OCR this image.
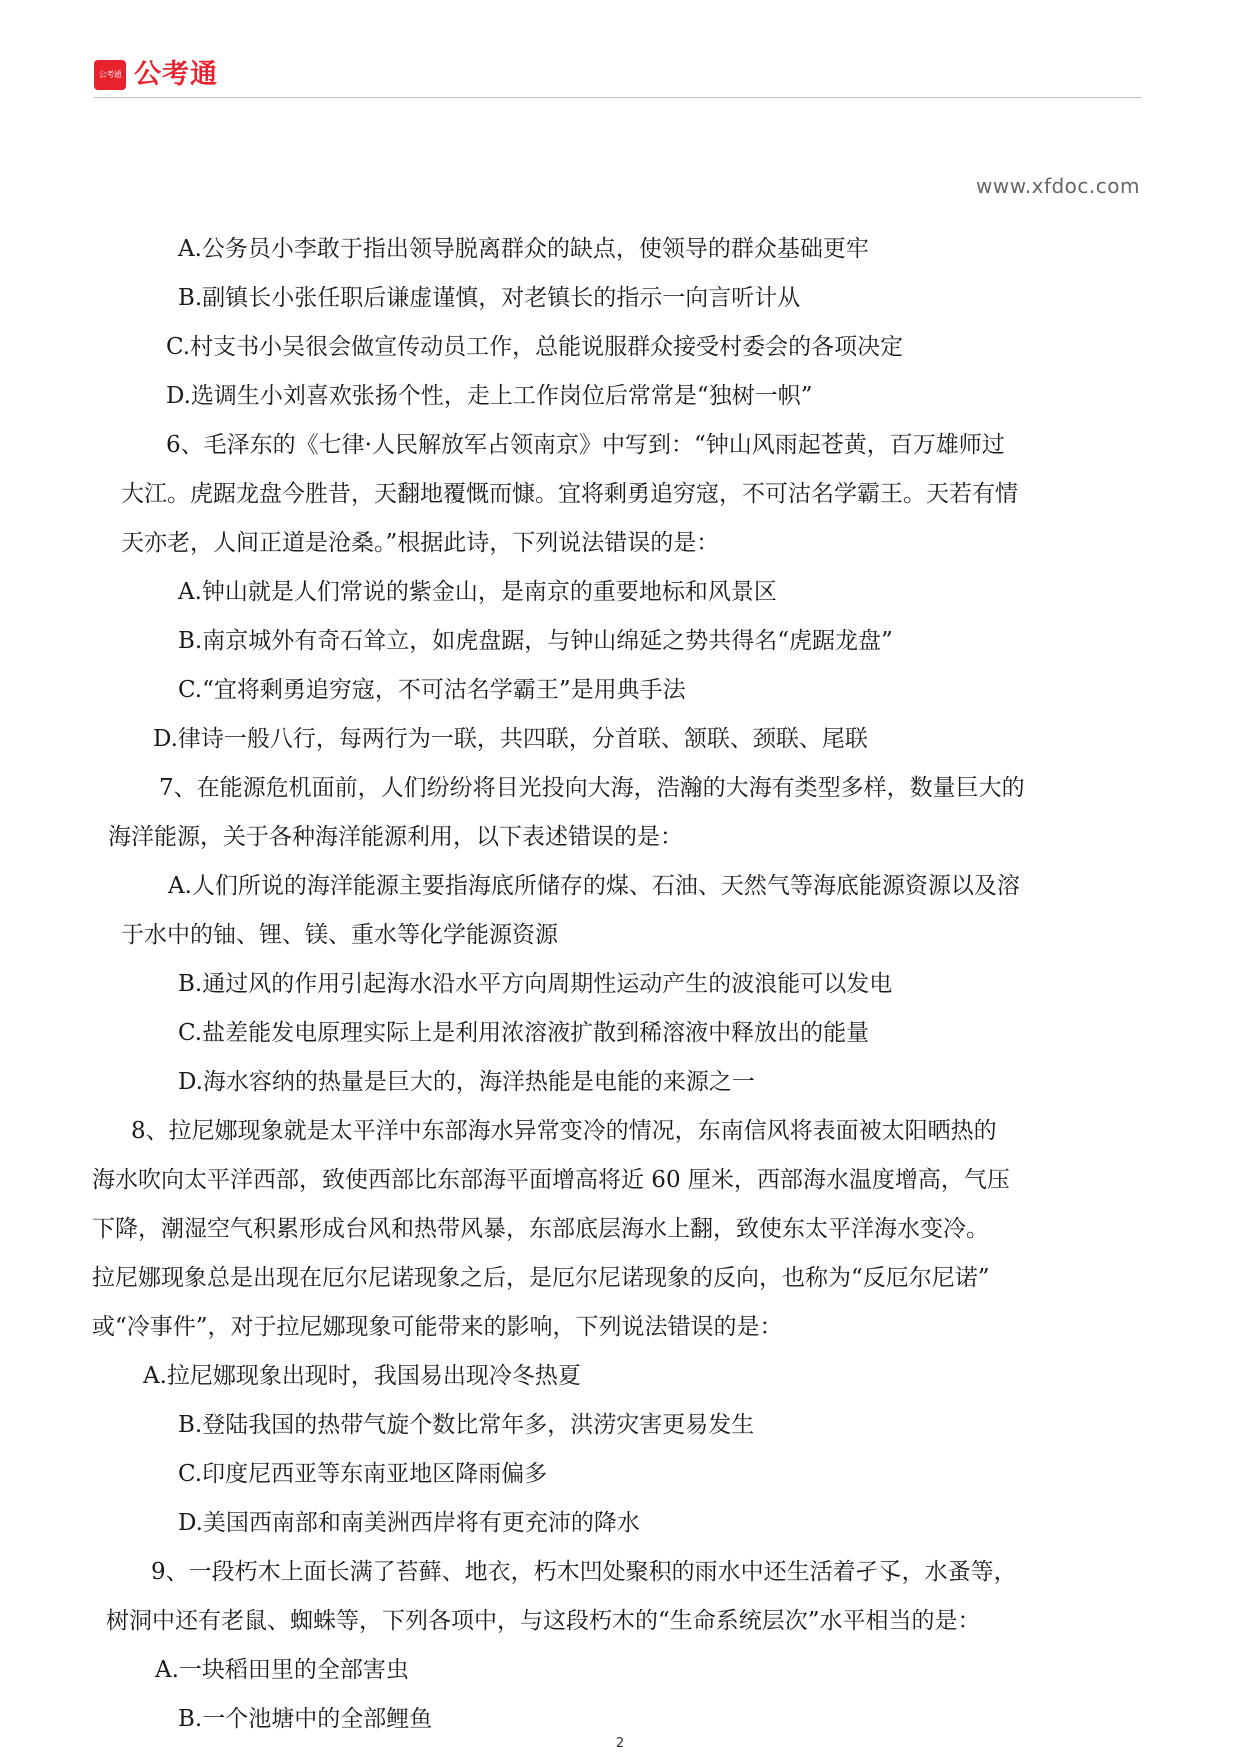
公考通 公考通
www.xfdoc.com
A.公务员小李敢于指出领导脱离群众的缺点，使领导的群众基础更牢
B.副镇长小张任职后谦虚谨慎，对老镇长的指示一向言听计从
C.村支书小吴很会做宣传动员工作，总能说服群众接受村委会的各项决定
D.选调生小刘喜欢张扬个性，走上工作岗位后常常是“独树一帜”
6、毛泽东的《七律·人民解放军占领南京》中写到：“钟山风雨起苍黄，百万雄师过
大江。虎踞龙盘今胜昔，天翻地覆慨而慷。宜将剩勇追穷寇，不可沽名学霸王。天若有情
天亦老，人间正道是沧桑。”根据此诗，下列说法错误的是：
A.钟山就是人们常说的紫金山，是南京的重要地标和风景区
B.南京城外有奇石耸立，如虎盘踞，与钟山绵延之势共得名“虎踞龙盘”
C.“宜将剩勇追穷寇，不可沽名学霸王”是用典手法
D.律诗一般八行，每两行为一联，共四联，分首联、颔联、颈联、尾联
7、在能源危机面前，人们纷纷将目光投向大海，浩瀚的大海有类型多样，数量巨大的
海洋能源，关于各种海洋能源利用，以下表述错误的是：
A.人们所说的海洋能源主要指海底所储存的煤、石油、天然气等海底能源资源以及溶
于水中的铀、锂、镁、重水等化学能源资源
B.通过风的作用引起海水沿水平方向周期性运动产生的波浪能可以发电
C.盐差能发电原理实际上是利用浓溶液扩散到稀溶液中释放出的能量
D.海水容纳的热量是巨大的，海洋热能是电能的来源之一
8、拉尼娜现象就是太平洋中东部海水异常变冷的情况，东南信风将表面被太阳晒热的
海水吹向太平洋西部，致使西部比东部海平面增高将近 60 厘米，西部海水温度增高，气压
下降，潮湿空气积累形成台风和热带风暴，东部底层海水上翻，致使东太平洋海水变冷。
拉尼娜现象总是出现在厄尔尼诺现象之后，是厄尔尼诺现象的反向，也称为“反厄尔尼诺”
或“冷事件”，对于拉尼娜现象可能带来的影响，下列说法错误的是：
A.拉尼娜现象出现时，我国易出现冷冬热夏
B.登陆我国的热带气旋个数比常年多，洪涝灾害更易发生
C.印度尼西亚等东南亚地区降雨偏多
D.美国西南部和南美洲西岸将有更充沛的降水
9、一段朽木上面长满了苔藓、地衣，朽木凹处聚积的雨水中还生活着孑孓，水蚤等，
树洞中还有老鼠、蜘蛛等，下列各项中，与这段朽木的“生命系统层次”水平相当的是：
A.一块稻田里的全部害虫
B.一个池塘中的全部鲤鱼
2
